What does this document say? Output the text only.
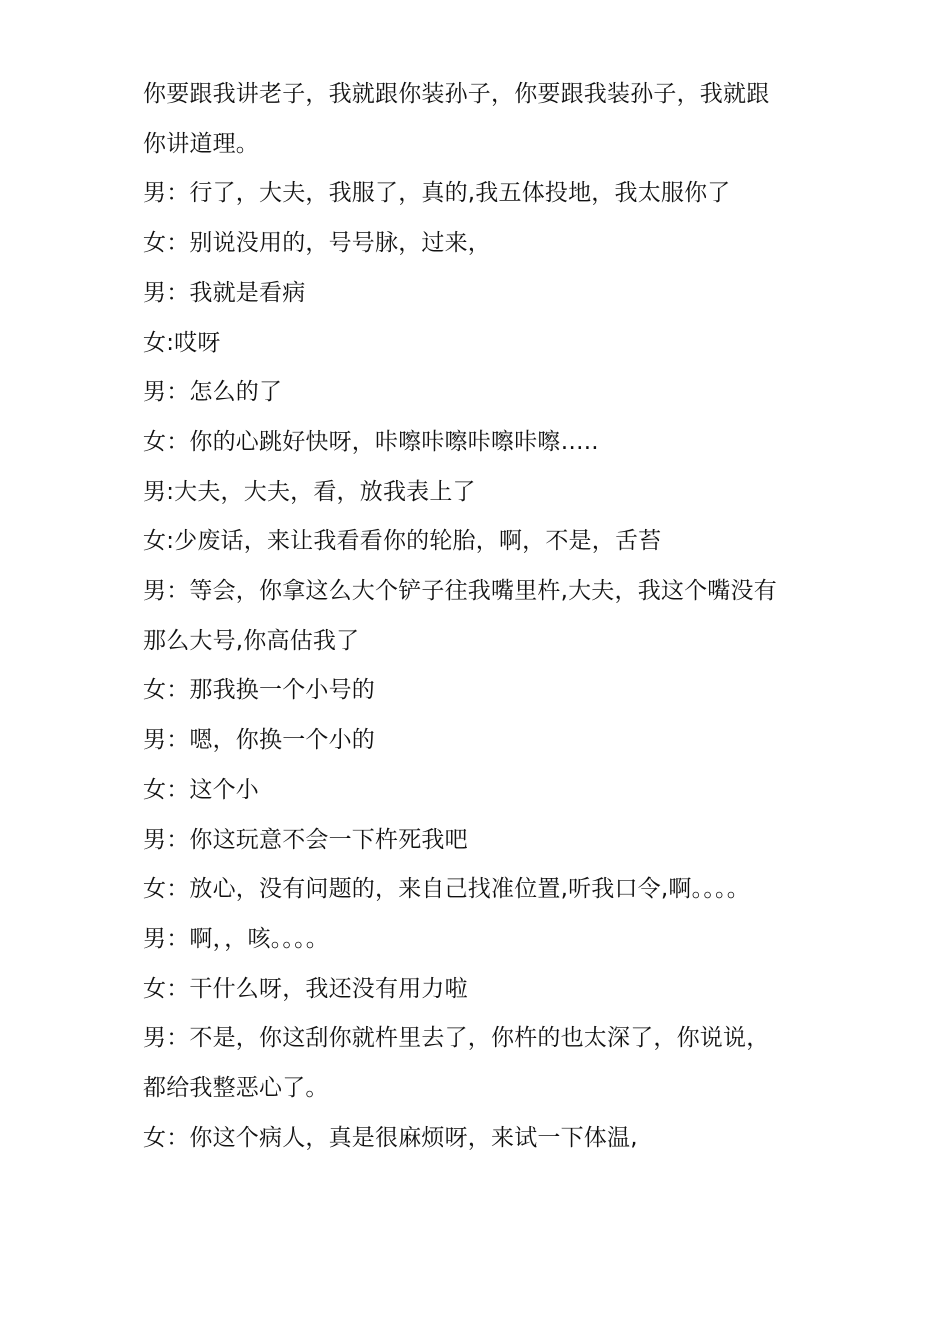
你要跟我讲老子，我就跟你装孙子，你要跟我装孙子，我就跟

你讲道理。

男：行了，大夫，我服了，真的,我五体投地，我太服你了

女：别说没用的，号号脉，过来，

男：我就是看病

女:哎呀

男：怎么的了

女：你的心跳好快呀，咔嚓咔嚓咔嚓咔嚓…..

男:大夫，大夫，看，放我表上了

女:少废话，来让我看看你的轮胎，啊，不是，舌苔

男：等会，你拿这么大个铲子往我嘴里杵,大夫，我这个嘴没有

那么大号,你高估我了

女：那我换一个小号的

男：嗯，你换一个小的

女：这个小

男：你这玩意不会一下杵死我吧

女：放心，没有问题的，来自己找准位置,听我口令,啊。。。。

男：啊，，咳。。。。

女：干什么呀，我还没有用力啦

男：不是，你这刮你就杵里去了，你杵的也太深了，你说说，

都给我整恶心了。

女：你这个病人，真是很麻烦呀，来试一下体温,
